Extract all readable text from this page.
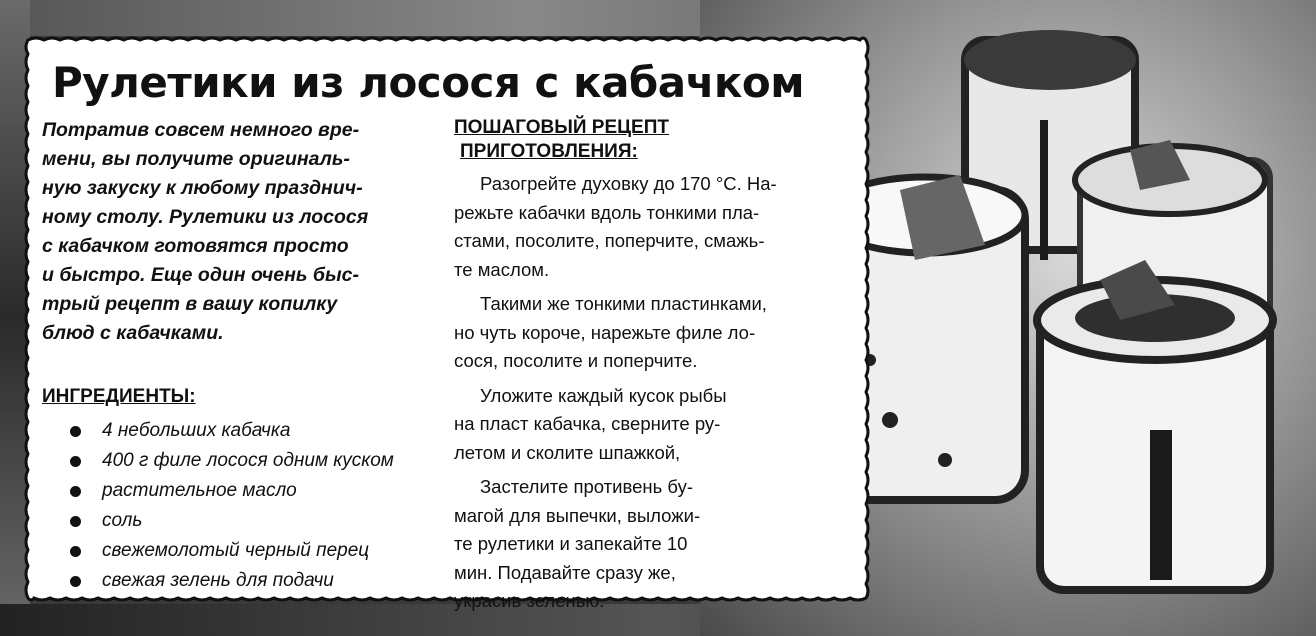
Рулетики из лосося с кабачком
Потратив совсем немного вре-
мени, вы получите оригиналь-
ную закуску к любому празднич-
ному столу. Рулетики из лосося
с кабачком готовятся просто
и быстро. Еще один очень быс-
трый рецепт в вашу копилку
блюд с кабачками.
ИНГРЕДИЕНТЫ:
4 небольших кабачка
400 г филе лосося одним куском
растительное масло
соль
свежемолотый черный перец
свежая зелень для подачи
ПОШАГОВЫЙ РЕЦЕПТ
ПРИГОТОВЛЕНИЯ:

Разогрейте духовку до 170 °С. На-
режьте кабачки вдоль тонкими пла-
стами, посолите, поперчите, смажь-
те маслом.

Такими же тонкими пластинками,
но чуть короче, нарежьте филе ло-
сося, посолите и поперчите.

Уложите каждый кусок рыбы
на пласт кабачка, сверните ру-
летом и сколите шпажкой,

Застелите противень бу-
магой для выпечки, выложи-
те рулетики и запекайте 10
мин. Подавайте сразу же,
украсив зеленью.
